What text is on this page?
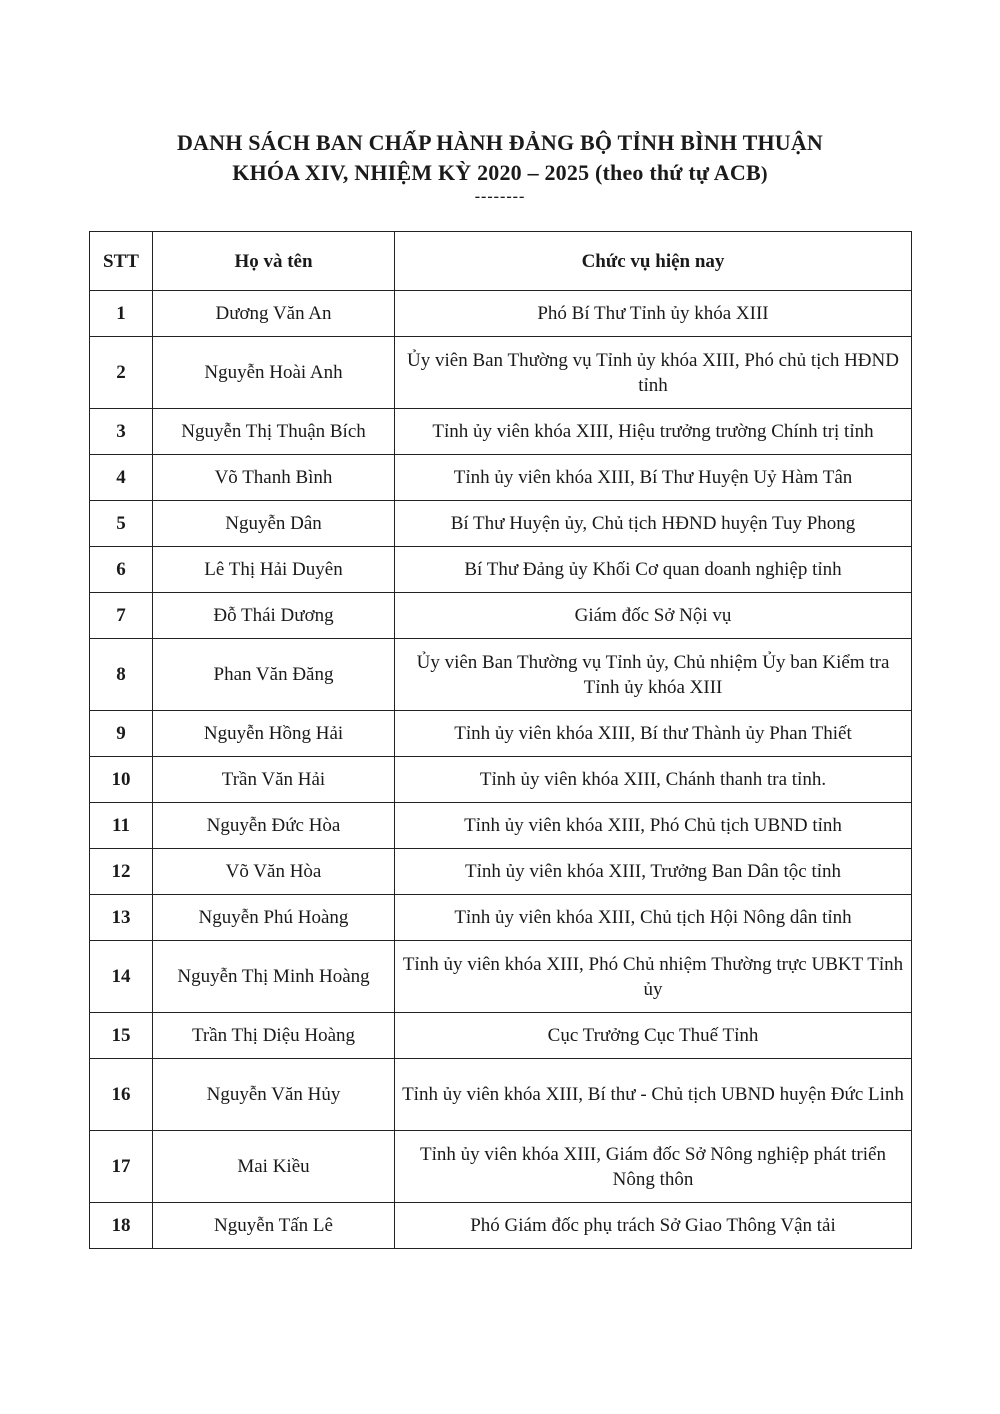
DANH SÁCH BAN CHẤP HÀNH ĐẢNG BỘ TỈNH BÌNH THUẬN
KHÓA XIV, NHIỆM KỲ 2020 – 2025 (theo thứ tự ACB)
--------
STT	Họ và tên	Chức vụ hiện nay
1	Dương Văn An	Phó Bí Thư Tỉnh ủy khóa XIII
2	Nguyễn Hoài Anh	Ủy viên Ban Thường vụ Tỉnh ủy khóa XIII, Phó chủ tịch HĐND tỉnh
3	Nguyễn Thị Thuận Bích	Tỉnh ủy viên khóa XIII, Hiệu trưởng trường Chính trị tỉnh
4	Võ Thanh Bình	Tỉnh ủy viên khóa XIII, Bí Thư Huyện Uỷ Hàm Tân
5	Nguyễn Dân	Bí Thư Huyện ủy, Chủ tịch HĐND huyện Tuy Phong
6	Lê Thị Hải Duyên	Bí Thư Đảng ủy Khối Cơ quan doanh nghiệp tỉnh
7	Đỗ Thái Dương	Giám đốc Sở Nội vụ
8	Phan Văn Đăng	Ủy viên Ban Thường vụ Tỉnh ủy, Chủ nhiệm Ủy ban Kiểm tra Tỉnh ủy khóa XIII
9	Nguyễn Hồng Hải	Tỉnh ủy viên khóa XIII, Bí thư Thành ủy Phan Thiết
10	Trần Văn Hải	Tỉnh ủy viên khóa XIII, Chánh thanh tra tỉnh.
11	Nguyễn Đức Hòa	Tỉnh ủy viên khóa XIII, Phó Chủ tịch UBND tỉnh
12	Võ Văn Hòa	Tỉnh ủy viên khóa XIII, Trưởng Ban Dân tộc tỉnh
13	Nguyễn Phú Hoàng	Tỉnh ủy viên khóa XIII, Chủ tịch Hội Nông dân tỉnh
14	Nguyễn Thị Minh Hoàng	Tỉnh ủy viên khóa XIII, Phó Chủ nhiệm Thường trực UBKT Tỉnh ủy
15	Trần Thị Diệu Hoàng	Cục Trưởng Cục Thuế Tỉnh
16	Nguyễn Văn Hủy	Tỉnh ủy viên khóa XIII, Bí thư - Chủ tịch UBND huyện Đức Linh
17	Mai Kiều	Tỉnh ủy viên khóa XIII, Giám đốc Sở Nông nghiệp phát triển Nông thôn
18	Nguyễn Tấn Lê	Phó Giám đốc phụ trách Sở Giao Thông Vận tải
